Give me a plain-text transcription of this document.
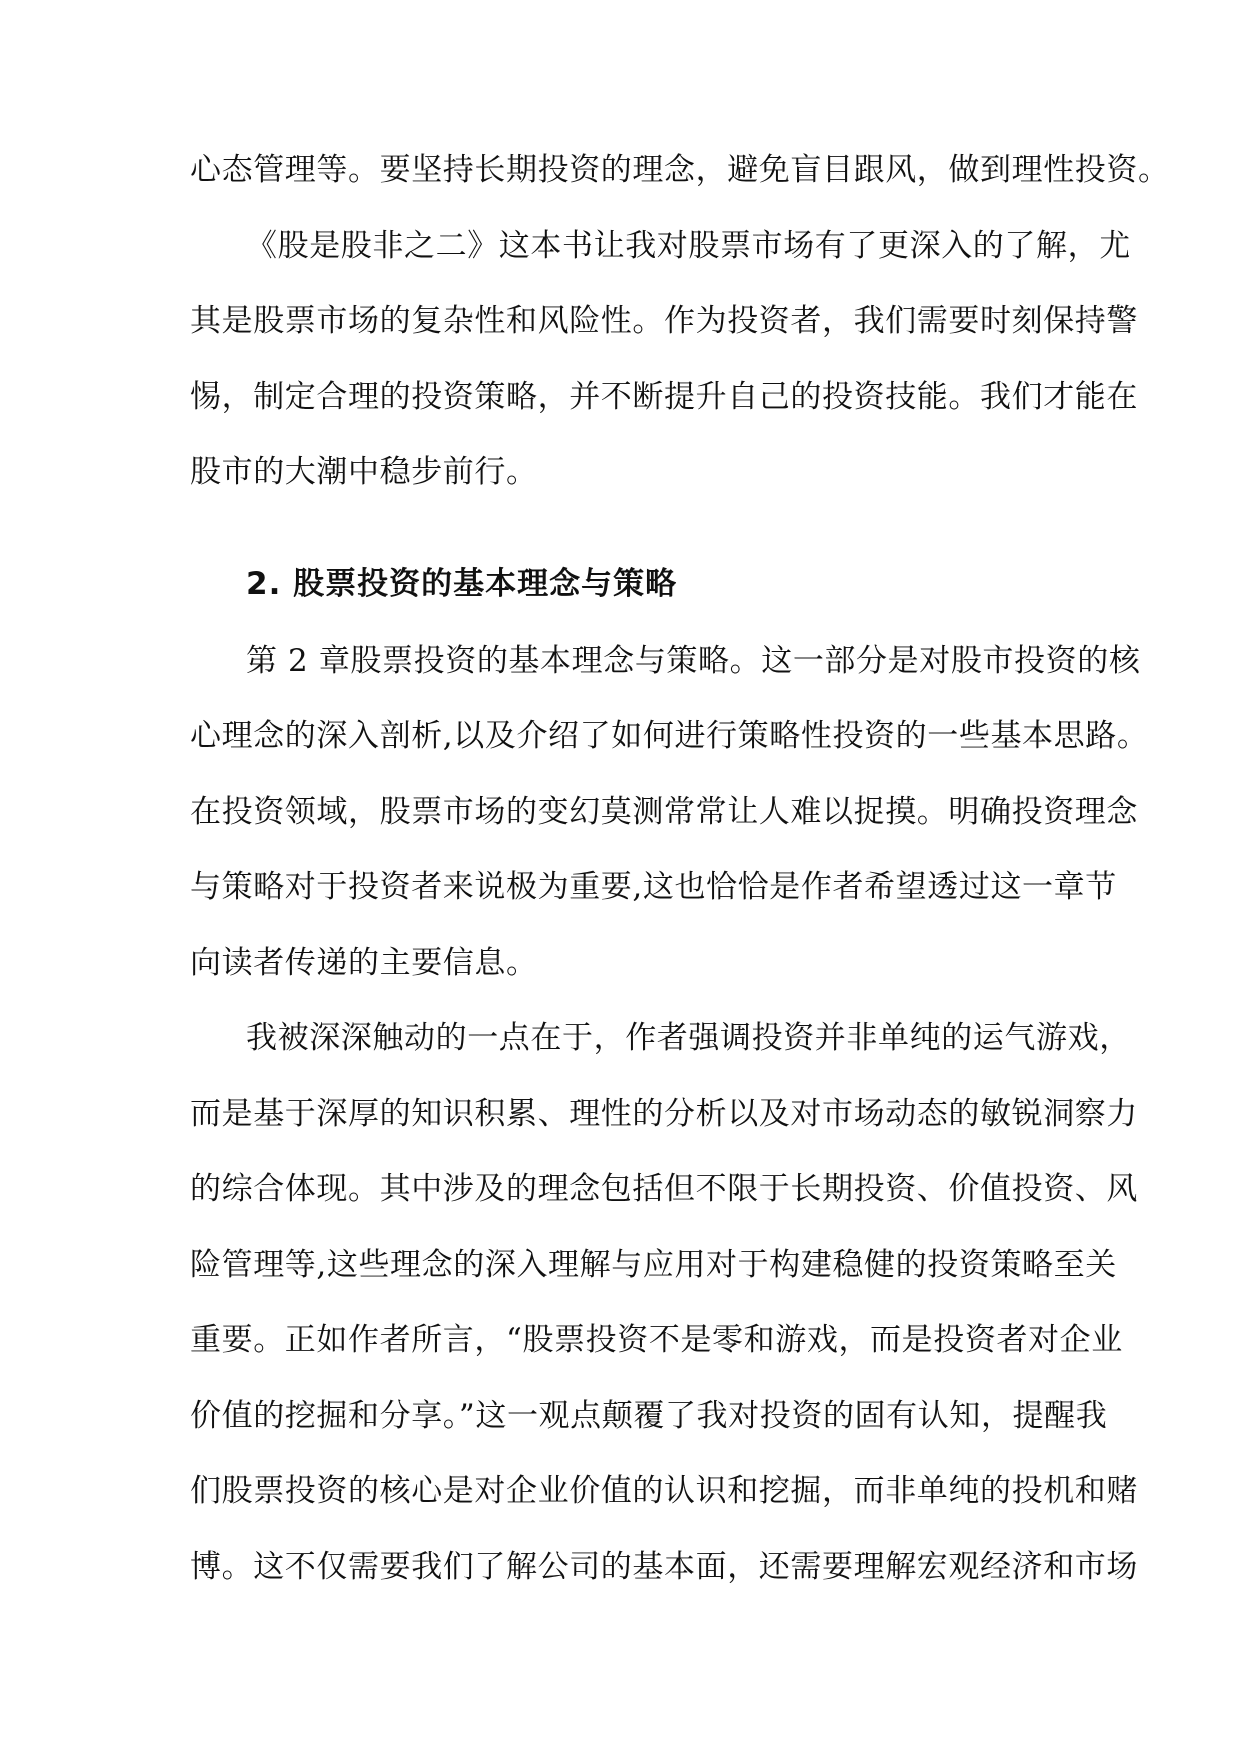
心态管理等。要坚持长期投资的理念，避免盲目跟风，做到理性投资。
《股是股非之二》这本书让我对股票市场有了更深入的了解，尤
其是股票市场的复杂性和风险性。作为投资者，我们需要时刻保持警
惕，制定合理的投资策略，并不断提升自己的投资技能。我们才能在
股市的大潮中稳步前行。
2. 股票投资的基本理念与策略
第 2 章股票投资的基本理念与策略。这一部分是对股市投资的核
心理念的深入剖析,以及介绍了如何进行策略性投资的一些基本思路。
在投资领域，股票市场的变幻莫测常常让人难以捉摸。明确投资理念
与策略对于投资者来说极为重要,这也恰恰是作者希望透过这一章节
向读者传递的主要信息。
我被深深触动的一点在于，作者强调投资并非单纯的运气游戏，
而是基于深厚的知识积累、理性的分析以及对市场动态的敏锐洞察力
的综合体现。其中涉及的理念包括但不限于长期投资、价值投资、风
险管理等,这些理念的深入理解与应用对于构建稳健的投资策略至关
重要。正如作者所言，“股票投资不是零和游戏，而是投资者对企业
价值的挖掘和分享。”这一观点颠覆了我对投资的固有认知，提醒我
们股票投资的核心是对企业价值的认识和挖掘，而非单纯的投机和赌
博。这不仅需要我们了解公司的基本面，还需要理解宏观经济和市场
